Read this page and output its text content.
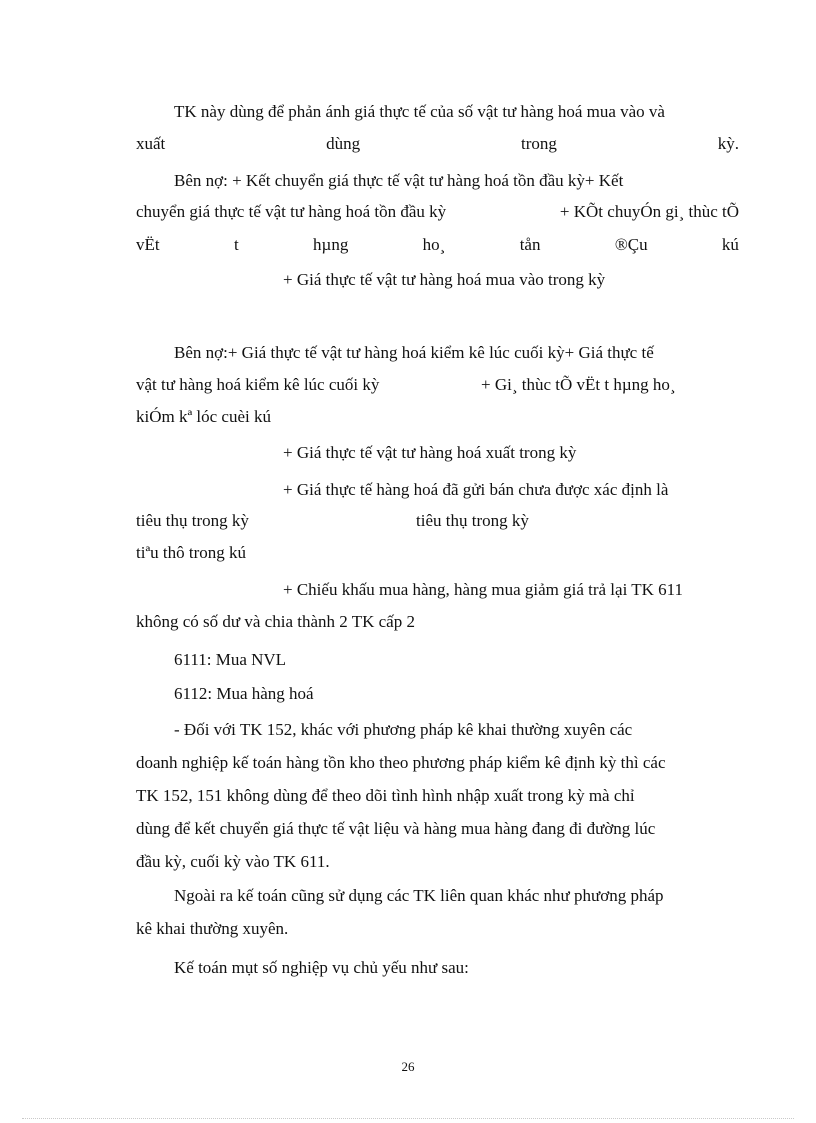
TK này dùng để phản ánh giá thực tế của số vật tư hàng hoá mua vào và
xuất	dùng	trong	kỳ.
Bên nợ: + Kết chuyển giá thực tế vật tư hàng hoá tồn đầu kỳ+ Kết
chuyển giá thực tế vật tư hàng hoá tồn đầu kỳ	+ KÕt chuyÓn gi¸ thùc tÕ
vËt	t	hµng	ho¸	tån	®Çu	kú
+ Giá thực tế vật tư hàng hoá mua vào trong kỳ
Bên nợ:+ Giá thực tế vật tư hàng hoá kiểm kê lúc cuối kỳ+ Giá thực tế
vật tư hàng hoá kiểm kê lúc cuối kỳ	+ Gi¸ thùc tÕ vËt t hµng ho¸
kiÓm kª lóc cuèi kú
+ Giá thực tế vật tư hàng hoá xuất trong kỳ
+ Giá thực tế hàng hoá đã gửi bán chưa được xác định là
tiêu thụ trong kỳ	tiêu thụ trong kỳ
tiªu thô trong kú
+ Chiếu khấu mua hàng, hàng mua giảm giá trả lại TK 611
không có số dư và chia thành 2 TK cấp 2
6111: Mua NVL
6112: Mua hàng hoá
- Đối với TK 152, khác với phương pháp kê khai thường xuyên các
doanh nghiệp kế toán hàng tồn kho theo phương pháp kiểm kê định kỳ thì các
TK 152, 151 không dùng để theo dõi tình hình nhập xuất trong kỳ mà chỉ
dùng để kết chuyển giá thực tế vật liệu và hàng mua hàng đang đi đường lúc
đầu kỳ, cuối kỳ vào TK 611.
Ngoài ra kế toán cũng sử dụng các TK liên quan khác như phương pháp
kê khai thường xuyên.
Kế toán mụt số nghiệp vụ chủ yếu như sau:
26
